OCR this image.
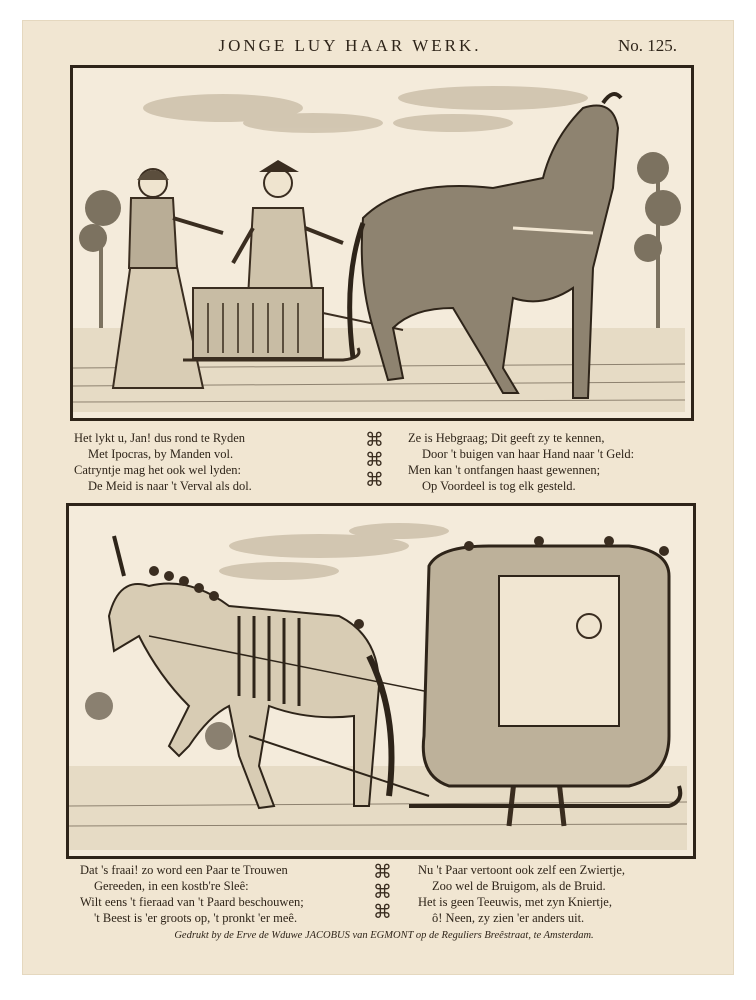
JONGE LUY HAAR WERK.	No. 125.
Het lykt u, Jan! dus rond te Ryden
Met Ipocras, by Manden vol.
Catryntje mag het ook wel lyden:
De Meid is naar 't Verval als dol.
⌘
⌘
⌘
Ze is Hebgraag; Dit geeft zy te kennen,
Door 't buigen van haar Hand naar 't Geld:
Men kan 't ontfangen haast gewennen;
Op Voordeel is tog elk gesteld.
Dat 's fraai! zo word een Paar te Trouwen
Gereeden, in een kostb're Sleê:
Wilt eens 't fieraad van 't Paard beschouwen;
't Beest is 'er groots op, 't pronkt 'er meê.
⌘
⌘
⌘
Nu 't Paar vertoont ook zelf een Zwiertje,
Zoo wel de Bruigom, als de Bruid.
Het is geen Teeuwis, met zyn Kniertje,
ô! Neen, zy zien 'er anders uit.
Gedrukt by de Erve de Wduwe JACOBUS van EGMONT op de Reguliers Breêstraat, te Amsterdam.
